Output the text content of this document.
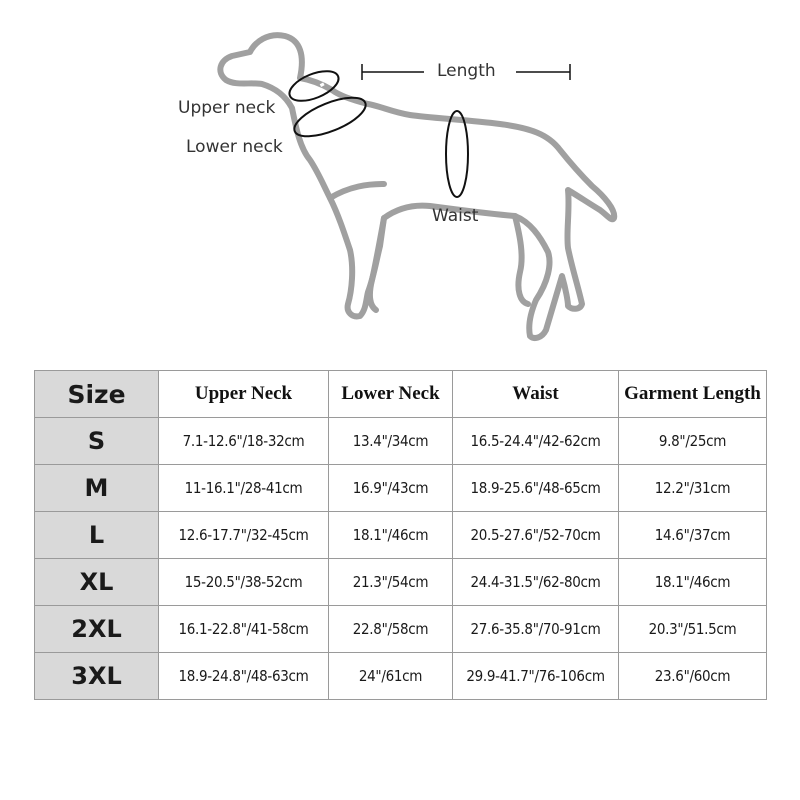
Length
Upper neck
Lower neck
Waist
Size	Upper Neck	Lower Neck	Waist	Garment Length
S	7.1-12.6"/18-32cm	13.4"/34cm	16.5-24.4"/42-62cm	9.8"/25cm
M	11-16.1"/28-41cm	16.9"/43cm	18.9-25.6"/48-65cm	12.2"/31cm
L	12.6-17.7"/32-45cm	18.1"/46cm	20.5-27.6"/52-70cm	14.6"/37cm
XL	15-20.5"/38-52cm	21.3"/54cm	24.4-31.5"/62-80cm	18.1"/46cm
2XL	16.1-22.8"/41-58cm	22.8"/58cm	27.6-35.8"/70-91cm	20.3"/51.5cm
3XL	18.9-24.8"/48-63cm	24"/61cm	29.9-41.7"/76-106cm	23.6"/60cm
